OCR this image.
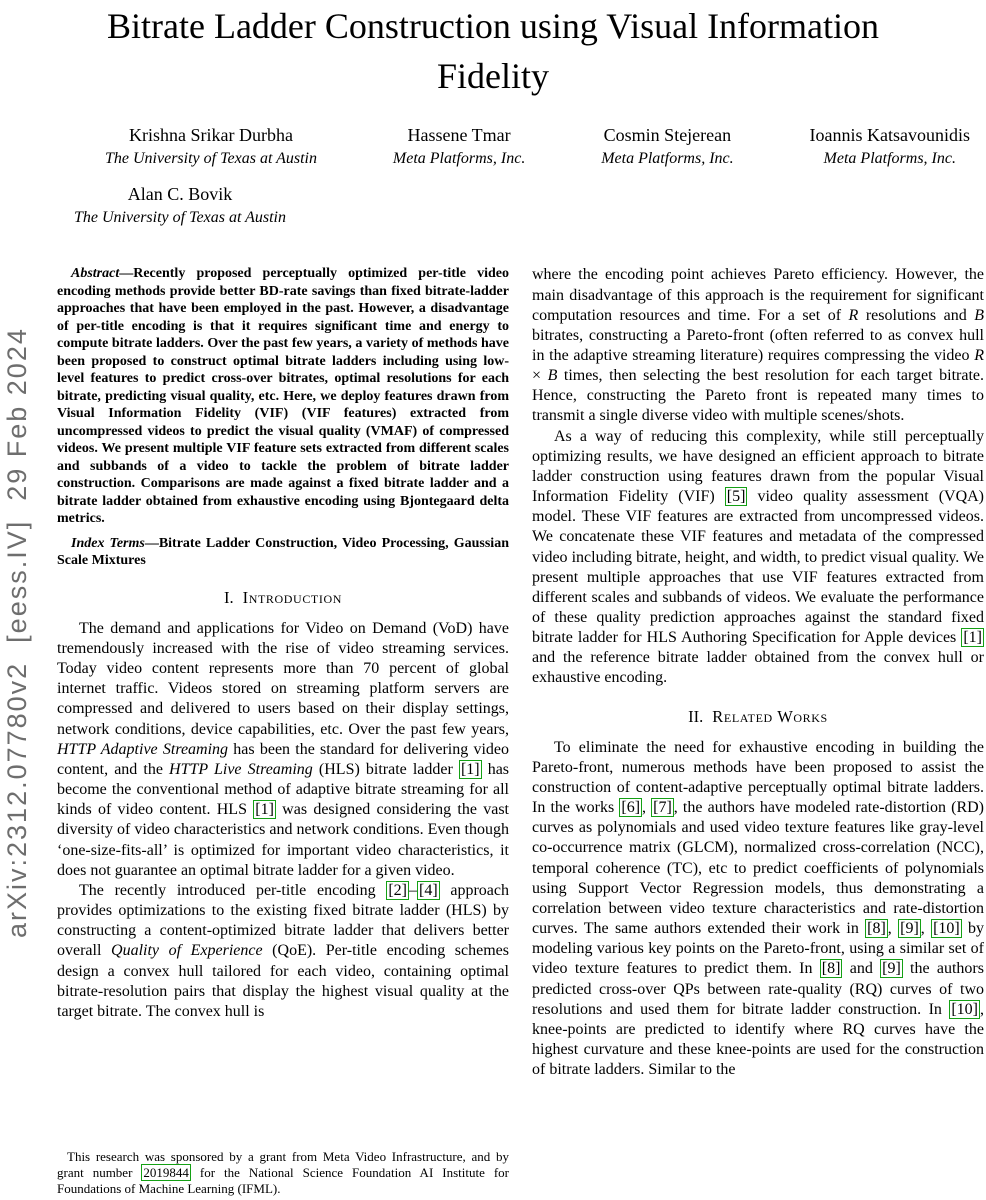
arXiv:2312.07780v2  [eess.IV]  29 Feb 2024
Bitrate Ladder Construction using Visual Information Fidelity
Krishna Srikar Durbha
The University of Texas at Austin
Hassene Tmar
Meta Platforms, Inc.
Cosmin Stejerean
Meta Platforms, Inc.
Ioannis Katsavounidis
Meta Platforms, Inc.
Alan C. Bovik
The University of Texas at Austin

Abstract—Recently proposed perceptually optimized per-title video encoding methods provide better BD-rate savings than fixed bitrate-ladder approaches that have been employed in the past. However, a disadvantage of per-title encoding is that it requires significant time and energy to compute bitrate ladders. Over the past few years, a variety of methods have been proposed to construct optimal bitrate ladders including using low-level features to predict cross-over bitrates, optimal resolutions for each bitrate, predicting visual quality, etc. Here, we deploy features drawn from Visual Information Fidelity (VIF) (VIF features) extracted from uncompressed videos to predict the visual quality (VMAF) of compressed videos. We present multiple VIF feature sets extracted from different scales and subbands of a video to tackle the problem of bitrate ladder construction. Comparisons are made against a fixed bitrate ladder and a bitrate ladder obtained from exhaustive encoding using Bjontegaard delta metrics.

Index Terms—Bitrate Ladder Construction, Video Processing, Gaussian Scale Mixtures

I. Introduction

The demand and applications for Video on Demand (VoD) have tremendously increased with the rise of video streaming services. Today video content represents more than 70 percent of global internet traffic. Videos stored on streaming platform servers are compressed and delivered to users based on their display settings, network conditions, device capabilities, etc. Over the past few years, HTTP Adaptive Streaming has been the standard for delivering video content, and the HTTP Live Streaming (HLS) bitrate ladder [1] has become the conventional method of adaptive bitrate streaming for all kinds of video content. HLS [1] was designed considering the vast diversity of video characteristics and network conditions. Even though ‘one-size-fits-all’ is optimized for important video characteristics, it does not guarantee an optimal bitrate ladder for a given video.

The recently introduced per-title encoding [2] – [4] approach provides optimizations to the existing fixed bitrate ladder (HLS) by constructing a content-optimized bitrate ladder that delivers better overall Quality of Experience (QoE). Per-title encoding schemes design a convex hull tailored for each video, containing optimal bitrate-resolution pairs that display the highest visual quality at the target bitrate. The convex hull is

This research was sponsored by a grant from Meta Video Infrastructure, and by grant number 2019844 for the National Science Foundation AI Institute for Foundations of Machine Learning (IFML).

where the encoding point achieves Pareto efficiency. However, the main disadvantage of this approach is the requirement for significant computation resources and time. For a set of R resolutions and B bitrates, constructing a Pareto-front (often referred to as convex hull in the adaptive streaming literature) requires compressing the video R × B times, then selecting the best resolution for each target bitrate. Hence, constructing the Pareto front is repeated many times to transmit a single diverse video with multiple scenes/shots.

As a way of reducing this complexity, while still perceptually optimizing results, we have designed an efficient approach to bitrate ladder construction using features drawn from the popular Visual Information Fidelity (VIF) [5] video quality assessment (VQA) model. These VIF features are extracted from uncompressed videos. We concatenate these VIF features and metadata of the compressed video including bitrate, height, and width, to predict visual quality. We present multiple approaches that use VIF features extracted from different scales and subbands of videos. We evaluate the performance of these quality prediction approaches against the standard fixed bitrate ladder for HLS Authoring Specification for Apple devices [1] and the reference bitrate ladder obtained from the convex hull or exhaustive encoding.

II. Related Works

To eliminate the need for exhaustive encoding in building the Pareto-front, numerous methods have been proposed to assist the construction of content-adaptive perceptually optimal bitrate ladders. In the works [6] , [7] , the authors have modeled rate-distortion (RD) curves as polynomials and used video texture features like gray-level co-occurrence matrix (GLCM), normalized cross-correlation (NCC), temporal coherence (TC), etc to predict coefficients of polynomials using Support Vector Regression models, thus demonstrating a correlation between video texture characteristics and rate-distortion curves. The same authors extended their work in [8] , [9] , [10] by modeling various key points on the Pareto-front, using a similar set of video texture features to predict them. In [8] and [9] the authors predicted cross-over QPs between rate-quality (RQ) curves of two resolutions and used them for bitrate ladder construction. In [10] , knee-points are predicted to identify where RQ curves have the highest curvature and these knee-points are used for the construction of bitrate ladders. Similar to the
